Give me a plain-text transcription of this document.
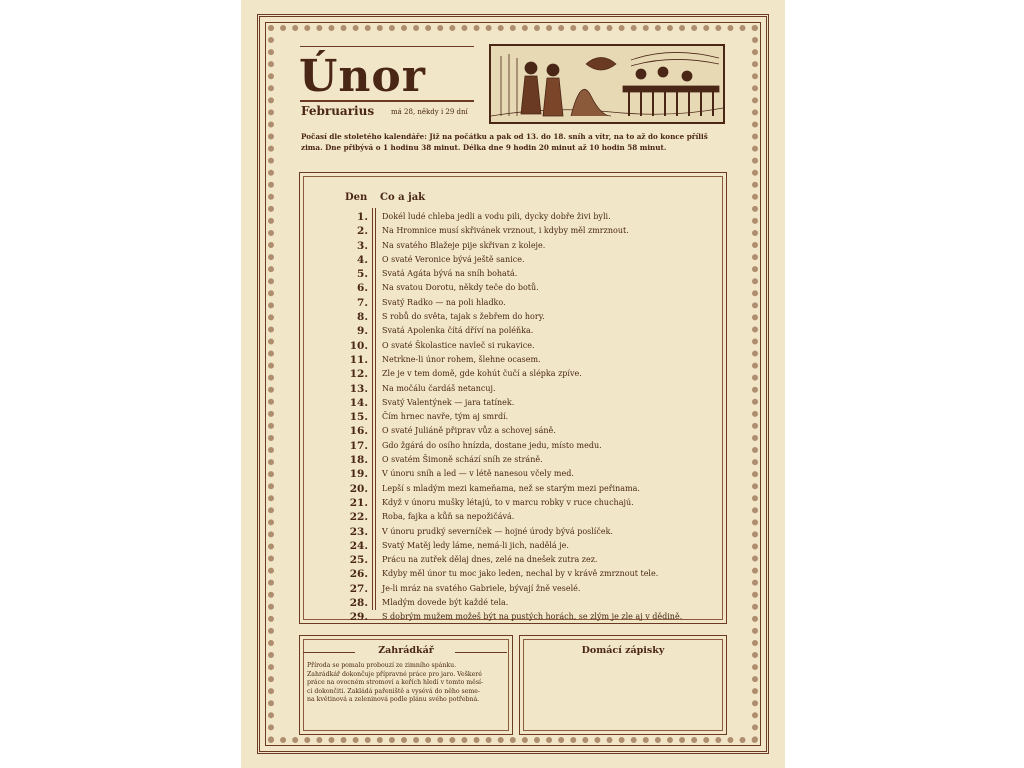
Únor
Februarius má 28, někdy i 29 dní
Počasí dle stoletého kalendáře: Již na počátku a pak od 13. do 18. sníh a vítr, na to až do konce příliš zima. Dne přibývá o 1 hodinu 38 minut. Délka dne 9 hodin 20 minut až 10 hodin 58 minut.
Den Co a jak
1. Dokél ludé chleba jedli a vodu pili, dycky dobře živi byli.
2. Na Hromnice musí skřivánek vrznout, i kdyby měl zmrznout.
3. Na svatého Blažeje pije skřivan z koleje.
4. O svaté Veronice bývá ještě sanice.
5. Svatá Agáta bývá na sníh bohatá.
6. Na svatou Dorotu, někdy teče do botů.
7. Svatý Radko — na poli hladko.
8. S robů do světa, tajak s žebřem do hory.
9. Svatá Apolenka čítá dříví na poléňka.
10. O svaté Školastice navleč si rukavice.
11. Netrkne-li únor rohem, šlehne ocasem.
12. Zle je v tem domě, gde kohút čučí a slépka zpíve.
13. Na močálu čardáš netancuj.
14. Svatý Valentýnek — jara tatínek.
15. Čím hrnec navře, tým aj smrdí.
16. O svaté Juliáně připrav vůz a schovej sáně.
17. Gdo žgárá do osího hnízda, dostane jedu, místo medu.
18. O svatém Šimoně schází sníh ze stráně.
19. V únoru sníh a led — v létě nanesou včely med.
20. Lepší s mladým mezi kameňama, než se starým mezi peřinama.
21. Když v únoru mušky létajú, to v marcu robky v ruce chuchajú.
22. Roba, fajka a kůň sa nepožičává.
23. V únoru prudký severníček — hojné úrody bývá poslíček.
24. Svatý Matěj ledy láme, nemá-li jich, nadělá je.
25. Prácu na zutřek dělaj dnes, zelé na dnešek zutra zez.
26. Kdyby měl únor tu moc jako leden, nechal by v krávě zmrznout tele.
27. Je-li mráz na svatého Gabriele, bývají žně veselé.
28. Mladým dovede být každé tela.
29. S dobrým mužem možeš být na pustých horách, se zlým je zle aj v dědině.
Zahrádkář
Příroda se pomalu probouzí ze zimního spánku.
Zahrádkář dokončuje přípravné práce pro jaro. Veškeré
práce na ovocném stromoví a keřích hledí v tomto měsí-
ci dokončiti. Zakládá pařeniště a vysévá do něho seme-
na květinová a zeleninová podle plánu svého potřebná.
Domácí zápisky
